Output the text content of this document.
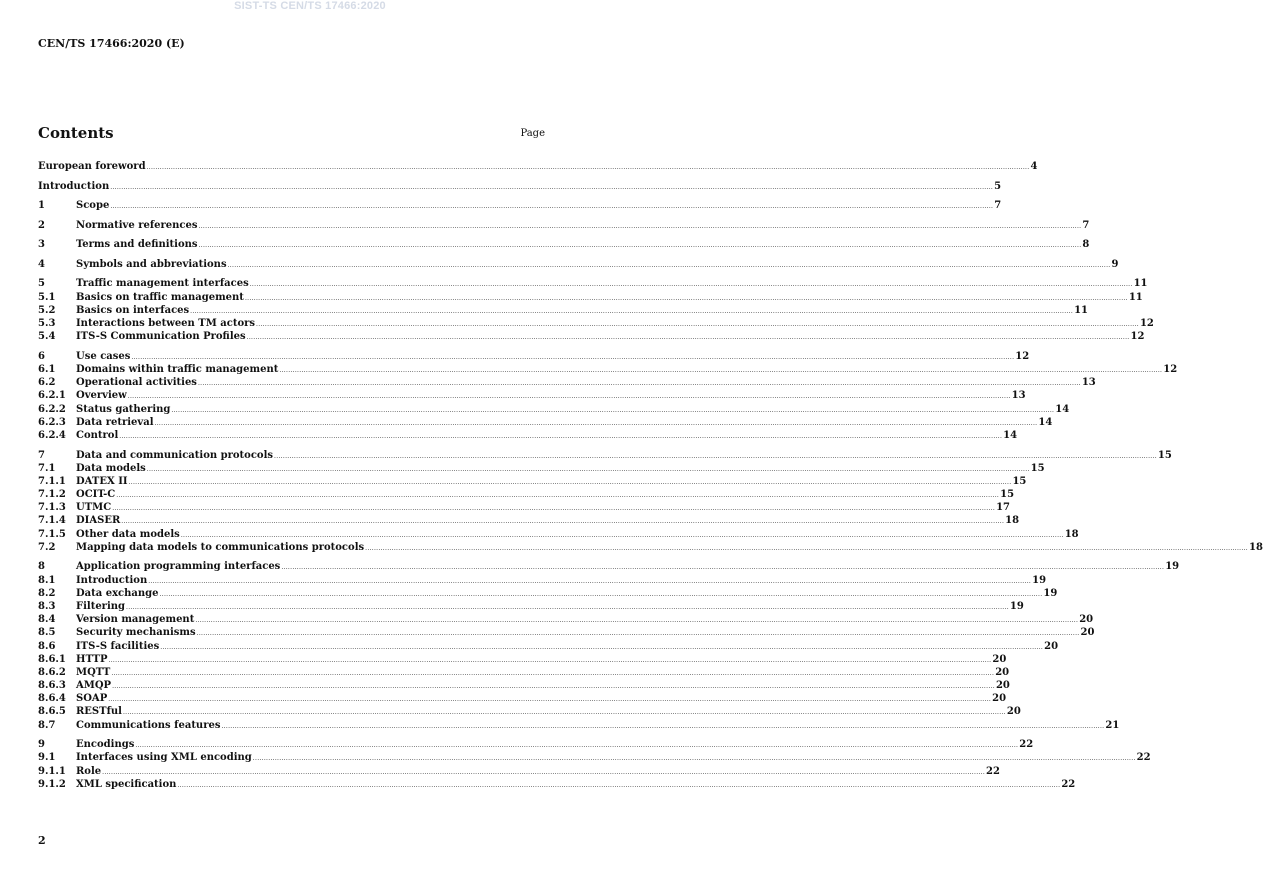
SIST-TS CEN/TS 17466:2020
CEN/TS 17466:2020 (E)
Contents	Page
European foreword ................................................................................................................................................................................................................................................................................................................................................................................................................ 4
Introduction ................................................................................................................................................................................................................................................................................................................................................................................................................ 5
1	Scope ................................................................................................................................................................................................................................................................................................................................................................................................................ 7
2	Normative references ................................................................................................................................................................................................................................................................................................................................................................................................................ 7
3	Terms and definitions ................................................................................................................................................................................................................................................................................................................................................................................................................ 8
4	Symbols and abbreviations ................................................................................................................................................................................................................................................................................................................................................................................................................ 9
5	Traffic management interfaces ................................................................................................................................................................................................................................................................................................................................................................................................................ 11
5.1	Basics on traffic management ................................................................................................................................................................................................................................................................................................................................................................................................................ 11
5.2	Basics on interfaces ................................................................................................................................................................................................................................................................................................................................................................................................................ 11
5.3	Interactions between TM actors ................................................................................................................................................................................................................................................................................................................................................................................................................ 12
5.4	ITS-S Communication Profiles ................................................................................................................................................................................................................................................................................................................................................................................................................ 12
6	Use cases ................................................................................................................................................................................................................................................................................................................................................................................................................ 12
6.1	Domains within traffic management ................................................................................................................................................................................................................................................................................................................................................................................................................ 12
6.2	Operational activities ................................................................................................................................................................................................................................................................................................................................................................................................................ 13
6.2.1	Overview ................................................................................................................................................................................................................................................................................................................................................................................................................ 13
6.2.2	Status gathering ................................................................................................................................................................................................................................................................................................................................................................................................................ 14
6.2.3	Data retrieval ................................................................................................................................................................................................................................................................................................................................................................................................................ 14
6.2.4	Control ................................................................................................................................................................................................................................................................................................................................................................................................................ 14
7	Data and communication protocols ................................................................................................................................................................................................................................................................................................................................................................................................................ 15
7.1	Data models ................................................................................................................................................................................................................................................................................................................................................................................................................ 15
7.1.1	DATEX II ................................................................................................................................................................................................................................................................................................................................................................................................................ 15
7.1.2	OCIT-C ................................................................................................................................................................................................................................................................................................................................................................................................................ 15
7.1.3	UTMC ................................................................................................................................................................................................................................................................................................................................................................................................................ 17
7.1.4	DIASER ................................................................................................................................................................................................................................................................................................................................................................................................................ 18
7.1.5	Other data models ................................................................................................................................................................................................................................................................................................................................................................................................................ 18
7.2	Mapping data models to communications protocols ................................................................................................................................................................................................................................................................................................................................................................................................................ 18
8	Application programming interfaces ................................................................................................................................................................................................................................................................................................................................................................................................................ 19
8.1	Introduction ................................................................................................................................................................................................................................................................................................................................................................................................................ 19
8.2	Data exchange ................................................................................................................................................................................................................................................................................................................................................................................................................ 19
8.3	Filtering ................................................................................................................................................................................................................................................................................................................................................................................................................ 19
8.4	Version management ................................................................................................................................................................................................................................................................................................................................................................................................................ 20
8.5	Security mechanisms ................................................................................................................................................................................................................................................................................................................................................................................................................ 20
8.6	ITS-S facilities ................................................................................................................................................................................................................................................................................................................................................................................................................ 20
8.6.1	HTTP ................................................................................................................................................................................................................................................................................................................................................................................................................ 20
8.6.2	MQTT ................................................................................................................................................................................................................................................................................................................................................................................................................ 20
8.6.3	AMQP ................................................................................................................................................................................................................................................................................................................................................................................................................ 20
8.6.4	SOAP ................................................................................................................................................................................................................................................................................................................................................................................................................ 20
8.6.5	RESTful ................................................................................................................................................................................................................................................................................................................................................................................................................ 20
8.7	Communications features ................................................................................................................................................................................................................................................................................................................................................................................................................ 21
9	Encodings ................................................................................................................................................................................................................................................................................................................................................................................................................ 22
9.1	Interfaces using XML encoding ................................................................................................................................................................................................................................................................................................................................................................................................................ 22
9.1.1	Role ................................................................................................................................................................................................................................................................................................................................................................................................................ 22
9.1.2	XML specification ................................................................................................................................................................................................................................................................................................................................................................................................................ 22
2
